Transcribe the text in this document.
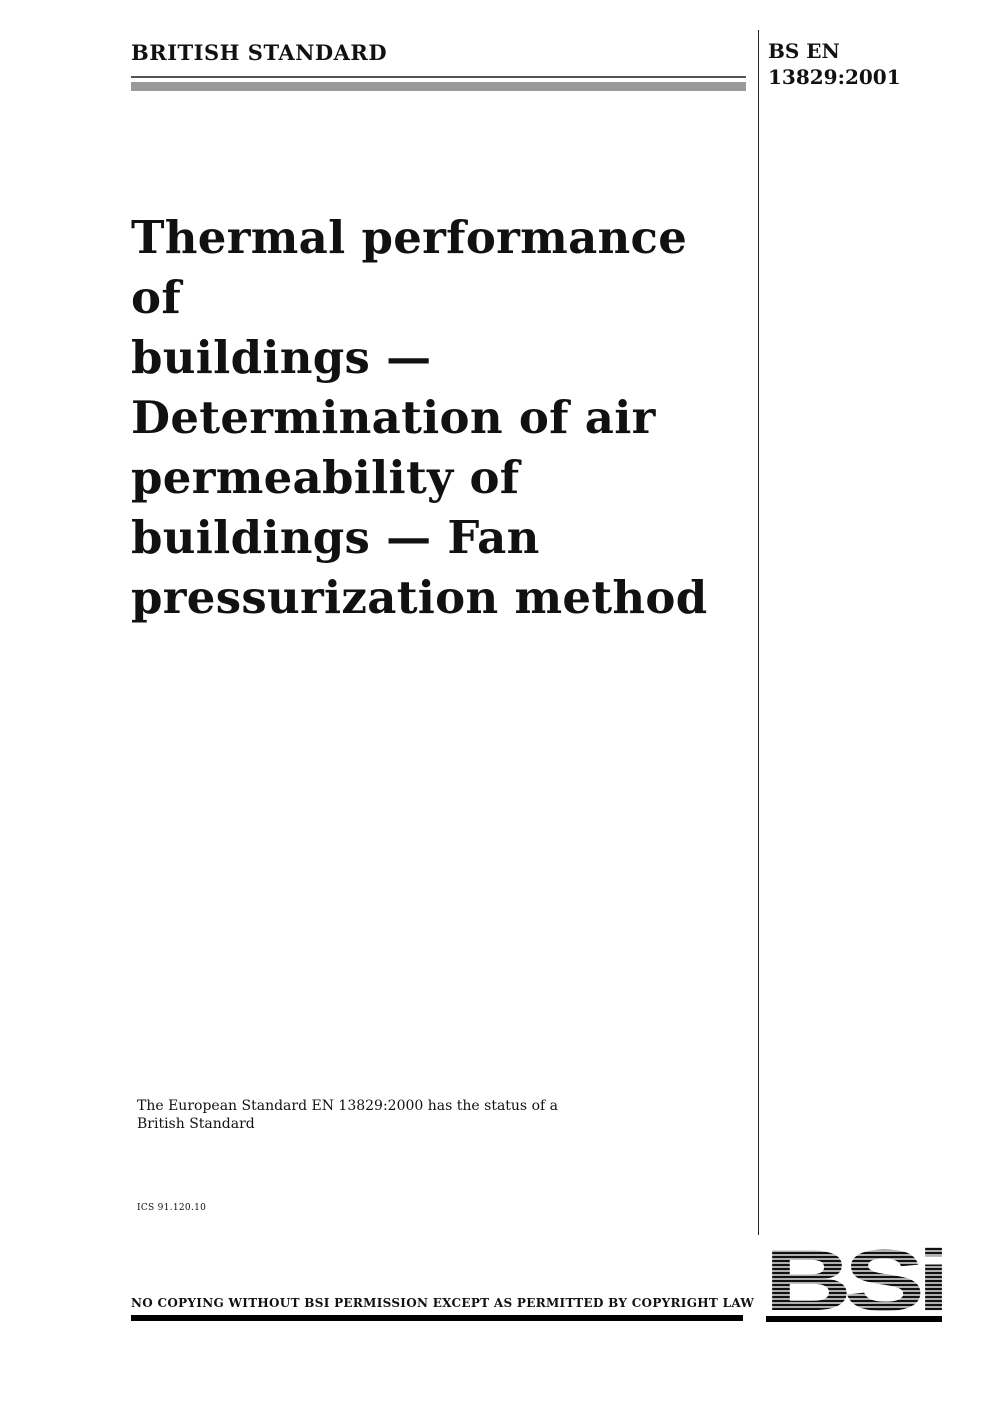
BRITISH STANDARD	BS EN
13829:2001
Thermal performance of
buildings —
Determination of air
permeability of
buildings — Fan
pressurization method
The European Standard EN 13829:2000 has the status of a
British Standard
ICS 91.120.10
NO COPYING WITHOUT BSI PERMISSION EXCEPT AS PERMITTED BY COPYRIGHT LAW
